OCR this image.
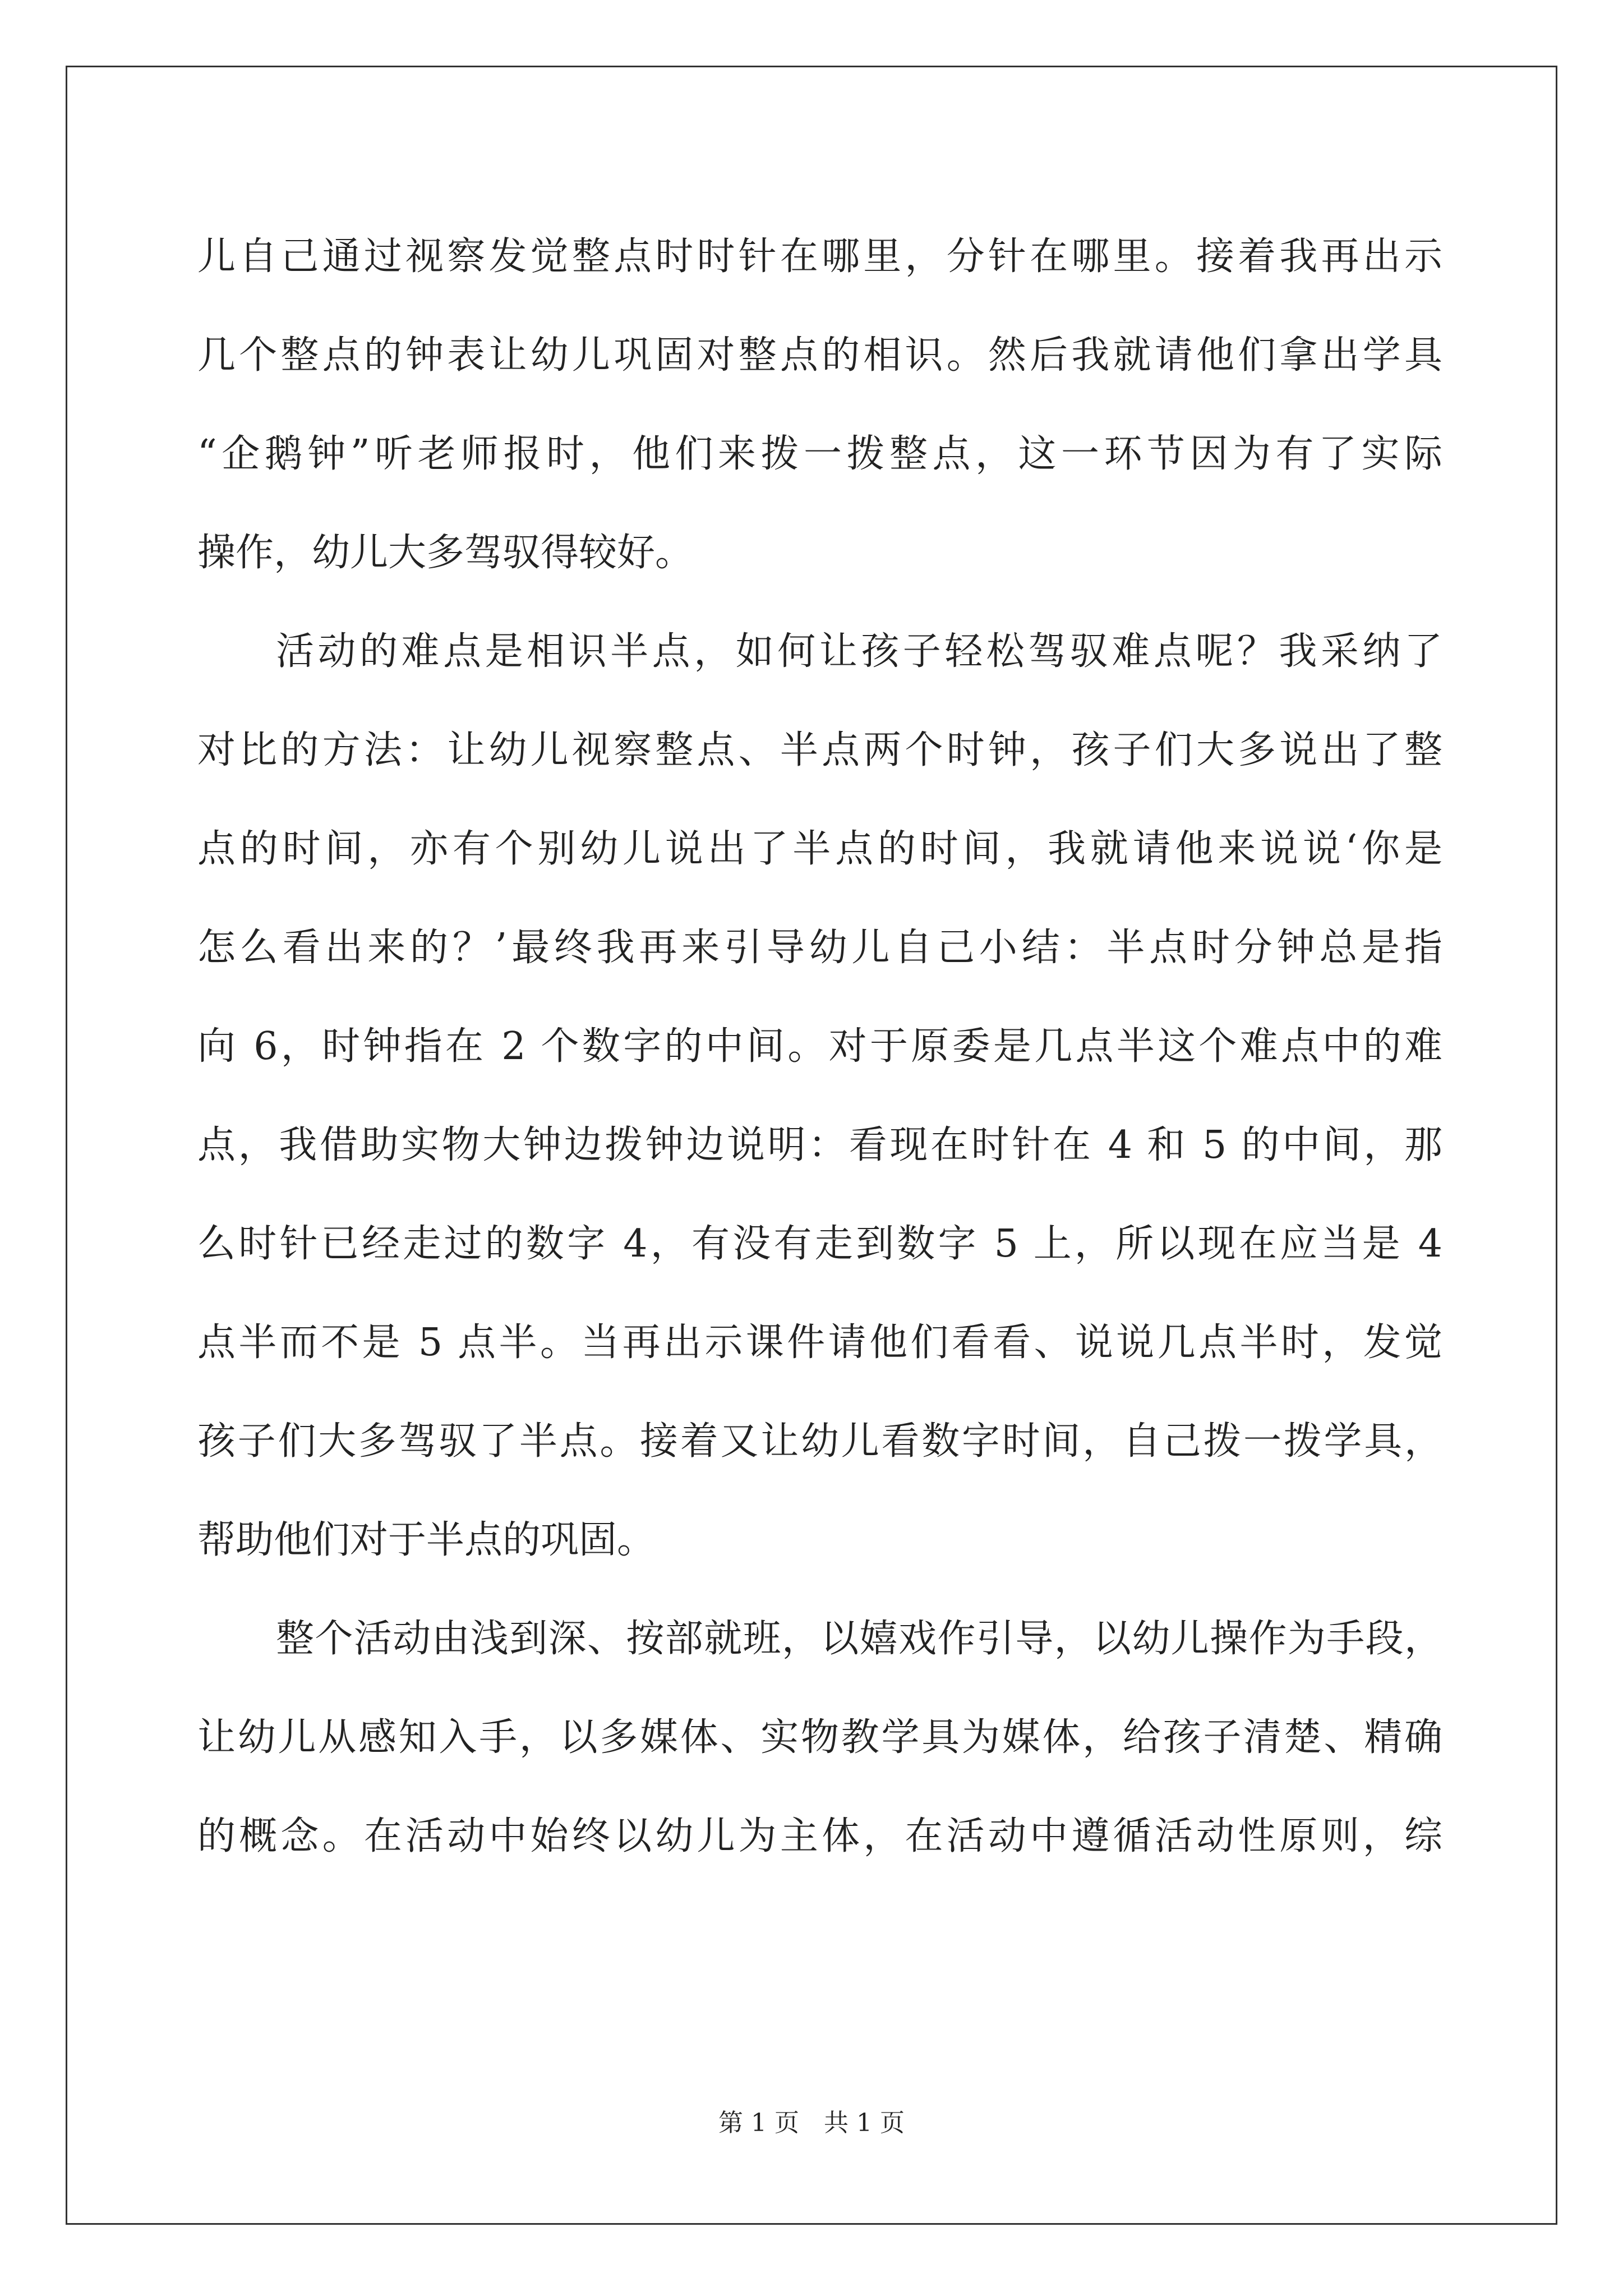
儿自己通过视察发觉整点时时针在哪里，分针在哪里。接着我再出示
几个整点的钟表让幼儿巩固对整点的相识。然后我就请他们拿出学具
“企鹅钟”听老师报时，他们来拨一拨整点，这一环节因为有了实际
操作，幼儿大多驾驭得较好。
活动的难点是相识半点，如何让孩子轻松驾驭难点呢？我采纳了
对比的方法：让幼儿视察整点、半点两个时钟，孩子们大多说出了整
点的时间，亦有个别幼儿说出了半点的时间，我就请他来说说‘你是
怎么看出来的？’最终我再来引导幼儿自己小结：半点时分钟总是指
向 6，时钟指在 2 个数字的中间。对于原委是几点半这个难点中的难
点，我借助实物大钟边拨钟边说明：看现在时针在 4 和 5 的中间，那
么时针已经走过的数字 4，有没有走到数字 5 上，所以现在应当是 4
点半而不是 5 点半。当再出示课件请他们看看、说说几点半时，发觉
孩子们大多驾驭了半点。接着又让幼儿看数字时间，自己拨一拨学具，
帮助他们对于半点的巩固。
整个活动由浅到深、按部就班，以嬉戏作引导，以幼儿操作为手段，
让幼儿从感知入手，以多媒体、实物教学具为媒体，给孩子清楚、精确
的概念。在活动中始终以幼儿为主体，在活动中遵循活动性原则，综
第 1 页　共 1 页
